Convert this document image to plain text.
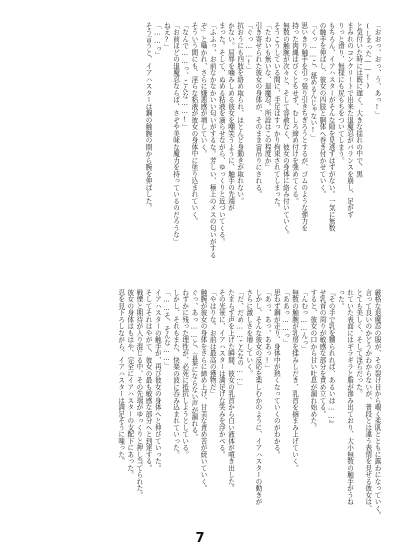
「おおっ、おっ、う、あっ!」

(しまった――!)

と気付いた時には既に遅く、大きな揺れの中で、黒

まみれのコンクリートで出来た退魔忍がバランスを崩し、足がず

りっと滑り、無様にも尻もちをついてしまう。

もちろん、イアハスターがそんな隙を見逃すはずがない。一気に無数

の触手を伸ばし、彼女の四肢と胴体へ巻き付かせていく。

「くっ……こ、舐めるんじゃない!」

思いきり触手を引っ張り引きちぎろうとするが、ゴムのような弾力を

持った肉縄はびくともせず、むしろ締め付けを強めてくる。

無数の触腕が次々と、そして容赦なく、彼女の身体に絡み付いていく。

そうこうしている間に、手足はすっかり拘束されてしまった。

「たわいも無いな、退魔忍。所詮はこの程度か」

引き寄せられた彼女の身体が、そのまま宙吊りにされる。

「ぐっ……!」

抗おうにも四肢を絡め取られ、ほとんど身動きが取れない。

かない。屈辱を噛みしめる彼女を嘲笑うように、触手の先端が

まった。そして、ぬめる粘液を滴らせながら、ゆっくりと近づいてくる。

「ふふっ、お前なかなかいい匂いがするな。芳しい、極上のメスの匂いがする

ぞ」と囁かれ、さらに嫌悪感が増していく。

そういう間にも、淫らな粘液が彼女の身体中に塗り込まれていく。

「なんで……っ、こんな……!」

「お前ほどの退魔忍ならば、さぞや美味な魔力を持っているのだろうな」

ねえ?」

「……っ」

そう言うと、イアハスターは鋼の触腕の間から腕を伸ばした。

厳格な退魔忍の服が、その裂け目から覗く柔肌とともに露わになっていく。

言って良いのかどうかわからないが、普段とは違う表情を見せる彼女は、

とても美しく、そして淫らだった。

れていた表面にはギラギラと脂が滲み出ており、大小無数の触手がうね

った。

『その手で乳を嬲られれば、あるいは……』

せ乳首の周りが敏感な部分を責め立てる。

すると、彼女の口から甘い吐息が漏れ始めた。

「んむっ……んっ」

無数の触腕が乳房を揉みしだき、乳首を摘まみ上げていく。

「ああっ……っ」

思わず鋼が走り、身体中が熱くなっていくのがわかる。

「あっ、あっ、ああっ!」

しかし、そんな彼女の反応を楽しむかのように、イアハスターの動きが

さらに激しさを増していく。

「だ、だめ……こんなの……」

たまらず声を上げた瞬間、彼女の乳首から白い液体が噴き出した。

その光景に、イアハスターは満足げな笑みを浮かべる。

「やはりな。お前は最高の獲物だ」

触腕が彼女の身体をさらに締め上げ、甘美な責め苦が続いていく。

ぐっ、あっ……と、言葉にならない声が漏れる。

わずかに残った理性が、必死に抵抗しようとしている。

しかし、それもまた、快楽の波に呑み込まれていった。

「……そ、そんな……」

イアハスターの触手が、再び彼女の身体へと伸びていった。

そしてそれはやがて、彼女の最も敏感な部分へと到達する。

戦慄と期待が入り混じる中、その先端がゆっくりと押し当てられた。

彼女の身体はもはや、完全にイアハスターの支配下にあった。

忍を見下ろしながら、イアハスターは満足そうに嗤った。

7
